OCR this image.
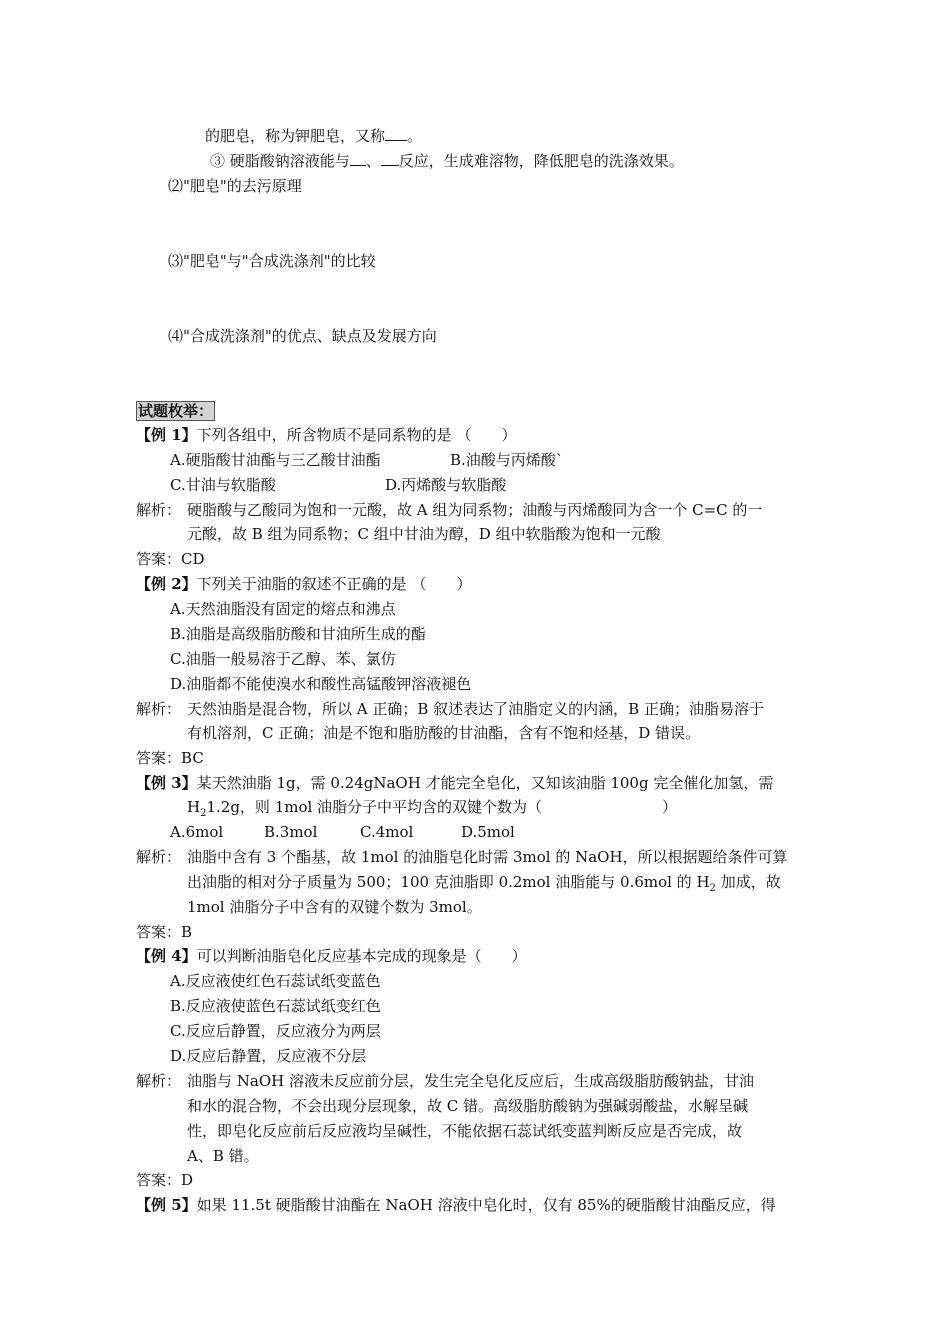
的肥皂，称为钾肥皂，又称 。
③ 硬脂酸钠溶液能与 、 反应，生成难溶物，降低肥皂的洗涤效果。
⑵"肥皂"的去污原理
⑶"肥皂"与"合成洗涤剂"的比较
⑷"合成洗涤剂"的优点、缺点及发展方向
试题枚举：
【例 1】下列各组中，所含物质不是同系物的是 （　　）
A.硬脂酸甘油酯与三乙酸甘油酯	B.油酸与丙烯酸`
C.甘油与软脂酸	D.丙烯酸与软脂酸
解析： 硬脂酸与乙酸同为饱和一元酸，故 A 组为同系物；油酸与丙烯酸同为含一个 C=C 的一
元酸，故 B 组为同系物；C 组中甘油为醇，D 组中软脂酸为饱和一元酸
答案：CD
【例 2】下列关于油脂的叙述不正确的是 （　　）
A.天然油脂没有固定的熔点和沸点
B.油脂是高级脂肪酸和甘油所生成的酯
C.油脂一般易溶于乙醇、苯、氯仿
D.油脂都不能使溴水和酸性高锰酸钾溶液褪色
解析： 天然油脂是混合物，所以 A 正确；B 叙述表达了油脂定义的内涵，B 正确；油脂易溶于
有机溶剂，C 正确；油是不饱和脂肪酸的甘油酯，含有不饱和烃基，D 错误。
答案：BC
【例 3】某天然油脂 1g，需 0.24gNaOH 才能完全皂化，又知该油脂 100g 完全催化加氢，需
$H_21.2g$，则 1mol 油脂分子中平均含的双键个数为（　　　　　　　　）
A.6mol	B.3mol	C.4mol	D.5mol
解析： 油脂中含有 3 个酯基，故 1mol 的油脂皂化时需 3mol 的 NaOH，所以根据题给条件可算
出油脂的相对分子质量为 500；100 克油脂即 0.2mol 油脂能与 0.6mol 的 $H_2$ 加成，故
1mol 油脂分子中含有的双键个数为 3mol。
答案：B
【例 4】可以判断油脂皂化反应基本完成的现象是（　　）
A.反应液使红色石蕊试纸变蓝色
B.反应液使蓝色石蕊试纸变红色
C.反应后静置，反应液分为两层
D.反应后静置，反应液不分层
解析： 油脂与 NaOH 溶液未反应前分层，发生完全皂化反应后，生成高级脂肪酸钠盐，甘油
和水的混合物，不会出现分层现象，故 C 错。高级脂肪酸钠为强碱弱酸盐，水解呈碱
性，即皂化反应前后反应液均呈碱性，不能依据石蕊试纸变蓝判断反应是否完成，故
A、B 错。
答案：D
【例 5】如果 11.5t 硬脂酸甘油酯在 NaOH 溶液中皂化时，仅有 85%的硬脂酸甘油酯反应，得
